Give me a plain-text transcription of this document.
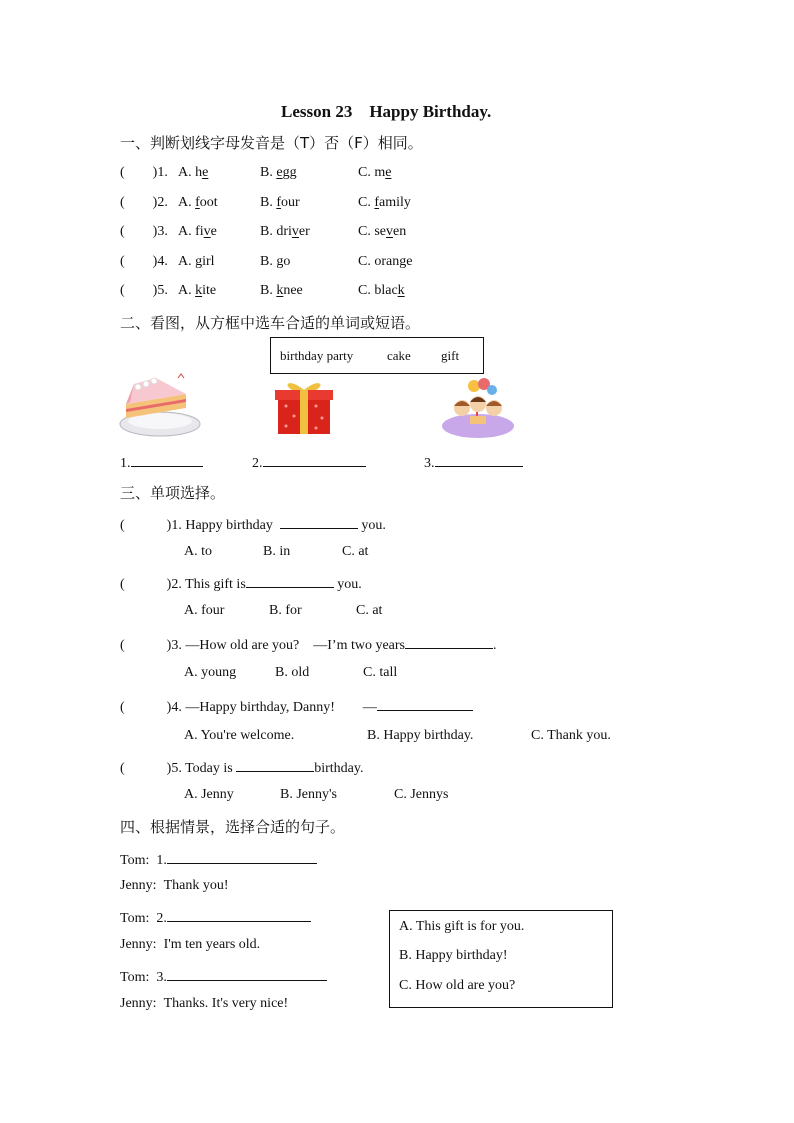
Lesson 23　Happy Birthday.
一、判断划线字母发音是（T）否（F）相同。
( )1. A. he	B. egg	C. me
( )2. A. foot	B. four	C. family
( )3. A. five	B. driver	C. seven
( )4. A. girl	B. go	C. orange
( )5. A. kite	B. knee	C. black
二、看图，从方框中选车合适的单词或短语。
birthday party	cake gift
1.	2.	3.
三、单项选择。
(	)1. Happy birthday	you.
A. to	B. in	C. at
(	)2. This gift is	you.
A. four	B. for	C. at
(	)3. —How old are you?　—I’m two years	.
A. young	B. old	C. tall
(	)4. —Happy birthday, Danny!　　—
A. You're welcome.	B. Happy birthday.	C. Thank you.
(	)5. Today is	birthday.
A. Jenny	B. Jenny's	C. Jennys
四、根据情景，选择合适的句子。
Tom: 1.
Jenny: Thank you!
Tom: 2.
Jenny: I'm ten years old.
Tom: 3.
Jenny: Thanks. It's very nice!
A. This gift is for you.
B. Happy birthday!
C. How old are you?
